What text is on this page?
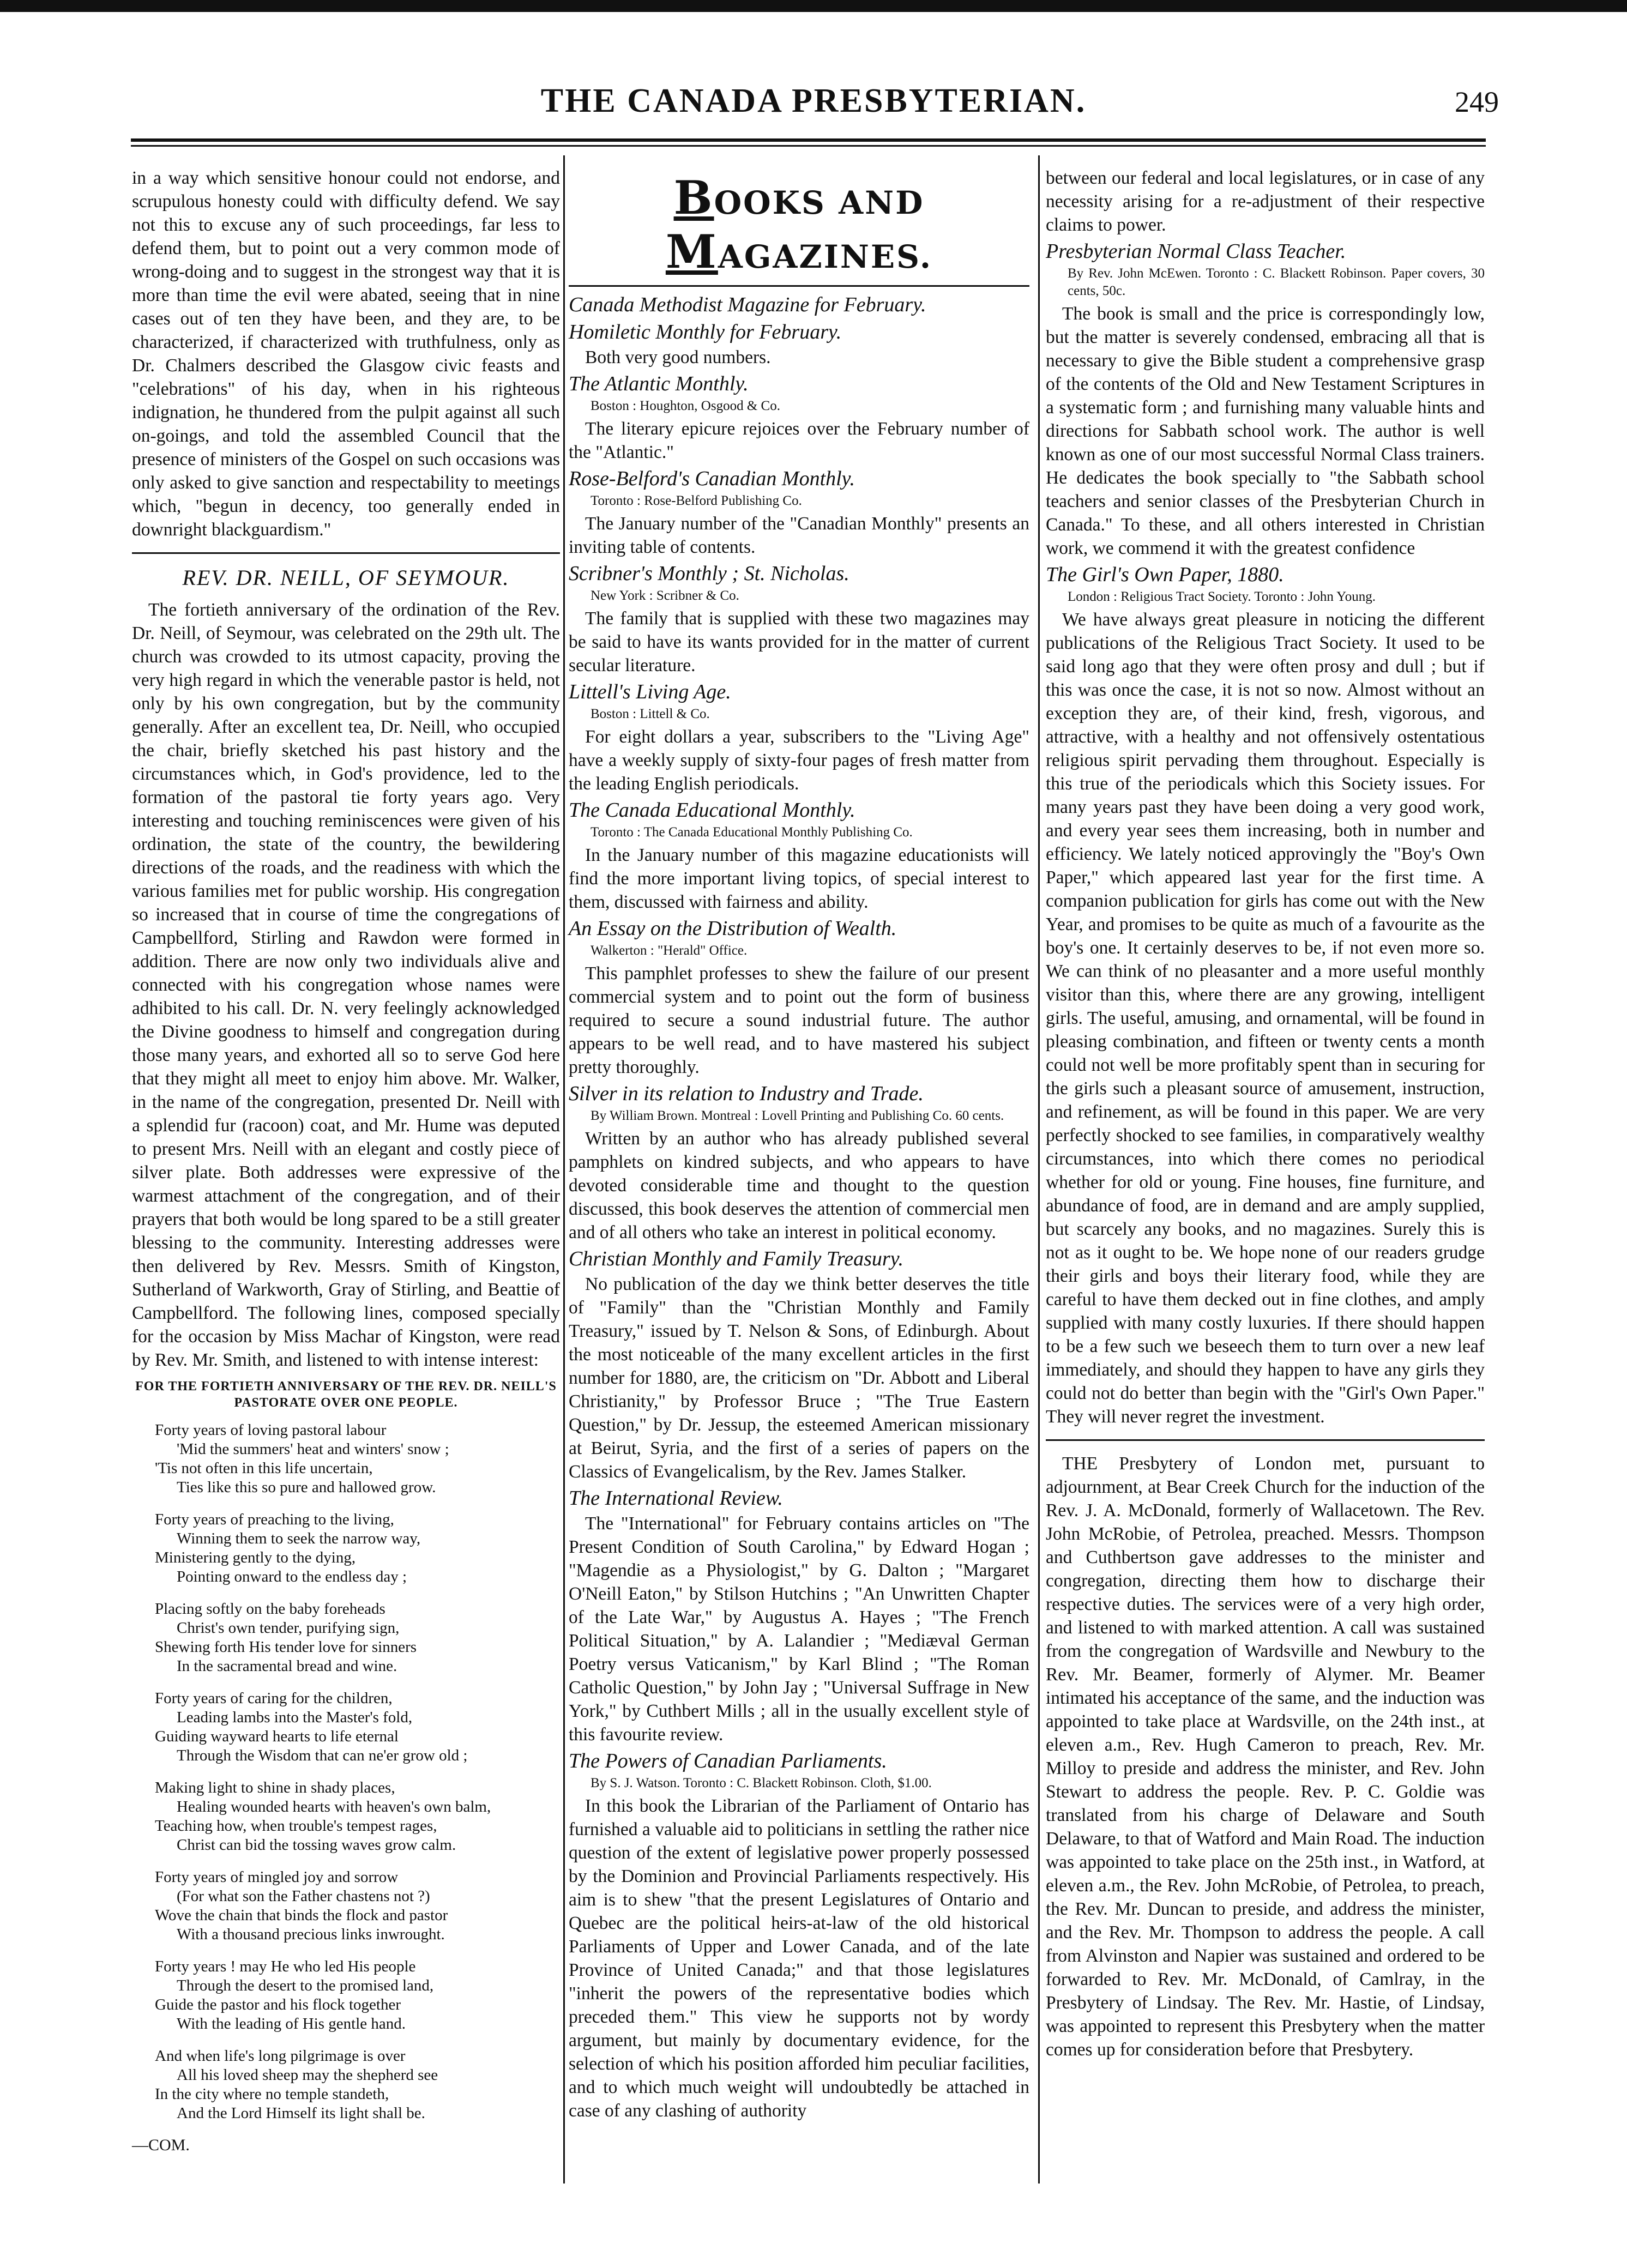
THE CANADA PRESBYTERIAN.	249

in a way which sensitive honour could not endorse, and scrupulous honesty could with difficulty defend. We say not this to excuse any of such proceedings, far less to defend them, but to point out a very common mode of wrong-doing and to suggest in the strongest way that it is more than time the evil were abated, seeing that in nine cases out of ten they have been, and they are, to be characterized, if characterized with truthfulness, only as Dr. Chalmers described the Glasgow civic feasts and "celebrations" of his day, when in his righteous indignation, he thundered from the pulpit against all such on-goings, and told the assembled Council that the presence of ministers of the Gospel on such occasions was only asked to give sanction and respectability to meetings which, "begun in decency, too generally ended in downright blackguardism."

REV. DR. NEILL, OF SEYMOUR.

The fortieth anniversary of the ordination of the Rev. Dr. Neill, of Seymour, was celebrated on the 29th ult. The church was crowded to its utmost capacity, proving the very high regard in which the venerable pastor is held, not only by his own congregation, but by the community generally. After an excellent tea, Dr. Neill, who occupied the chair, briefly sketched his past history and the circumstances which, in God's providence, led to the formation of the pastoral tie forty years ago. Very interesting and touching reminiscences were given of his ordination, the state of the country, the bewildering directions of the roads, and the readiness with which the various families met for public worship. His congregation so increased that in course of time the congregations of Campbellford, Stirling and Rawdon were formed in addition. There are now only two individuals alive and connected with his congregation whose names were adhibited to his call. Dr. N. very feelingly acknowledged the Divine goodness to himself and congregation during those many years, and exhorted all so to serve God here that they might all meet to enjoy him above. Mr. Walker, in the name of the congregation, presented Dr. Neill with a splendid fur (racoon) coat, and Mr. Hume was deputed to present Mrs. Neill with an elegant and costly piece of silver plate. Both addresses were expressive of the warmest attachment of the congregation, and of their prayers that both would be long spared to be a still greater blessing to the community. Interesting addresses were then delivered by Rev. Messrs. Smith of Kingston, Sutherland of Warkworth, Gray of Stirling, and Beattie of Campbellford. The following lines, composed specially for the occasion by Miss Machar of Kingston, were read by Rev. Mr. Smith, and listened to with intense interest:

FOR THE FORTIETH ANNIVERSARY OF THE REV. DR. NEILL'S PASTORATE OVER ONE PEOPLE.
Forty years of loving pastoral labour
'Mid the summers' heat and winters' snow ;
'Tis not often in this life uncertain,
Ties like this so pure and hallowed grow.
Forty years of preaching to the living,
Winning them to seek the narrow way,
Ministering gently to the dying,
Pointing onward to the endless day ;
Placing softly on the baby foreheads
Christ's own tender, purifying sign,
Shewing forth His tender love for sinners
In the sacramental bread and wine.
Forty years of caring for the children,
Leading lambs into the Master's fold,
Guiding wayward hearts to life eternal
Through the Wisdom that can ne'er grow old ;
Making light to shine in shady places,
Healing wounded hearts with heaven's own balm,
Teaching how, when trouble's tempest rages,
Christ can bid the tossing waves grow calm.
Forty years of mingled joy and sorrow
(For what son the Father chastens not ?)
Wove the chain that binds the flock and pastor
With a thousand precious links inwrought.
Forty years ! may He who led His people
Through the desert to the promised land,
Guide the pastor and his flock together
With the leading of His gentle hand.
And when life's long pilgrimage is over
All his loved sheep may the shepherd see
In the city where no temple standeth,
And the Lord Himself its light shall be.
—COM.
BOOKS AND MAGAZINES.
Canada Methodist Magazine for February.
Homiletic Monthly for February.

Both very good numbers.

The Atlantic Monthly.

Boston : Houghton, Osgood & Co.

The literary epicure rejoices over the February number of the "Atlantic."

Rose-Belford's Canadian Monthly.

Toronto : Rose-Belford Publishing Co.

The January number of the "Canadian Monthly" presents an inviting table of contents.

Scribner's Monthly ; St. Nicholas.

New York : Scribner & Co.

The family that is supplied with these two magazines may be said to have its wants provided for in the matter of current secular literature.

Littell's Living Age.

Boston : Littell & Co.

For eight dollars a year, subscribers to the "Living Age" have a weekly supply of sixty-four pages of fresh matter from the leading English periodicals.

The Canada Educational Monthly.

Toronto : The Canada Educational Monthly Publishing Co.

In the January number of this magazine educationists will find the more important living topics, of special interest to them, discussed with fairness and ability.

An Essay on the Distribution of Wealth.

Walkerton : "Herald" Office.

This pamphlet professes to shew the failure of our present commercial system and to point out the form of business required to secure a sound industrial future. The author appears to be well read, and to have mastered his subject pretty thoroughly.

Silver in its relation to Industry and Trade.

By William Brown. Montreal : Lovell Printing and Publishing Co. 60 cents.

Written by an author who has already published several pamphlets on kindred subjects, and who appears to have devoted considerable time and thought to the question discussed, this book deserves the attention of commercial men and of all others who take an interest in political economy.

Christian Monthly and Family Treasury.

No publication of the day we think better deserves the title of "Family" than the "Christian Monthly and Family Treasury," issued by T. Nelson & Sons, of Edinburgh. About the most noticeable of the many excellent articles in the first number for 1880, are, the criticism on "Dr. Abbott and Liberal Christianity," by Professor Bruce ; "The True Eastern Question," by Dr. Jessup, the esteemed American missionary at Beirut, Syria, and the first of a series of papers on the Classics of Evangelicalism, by the Rev. James Stalker.

The International Review.

The "International" for February contains articles on "The Present Condition of South Carolina," by Edward Hogan ; "Magendie as a Physiologist," by G. Dalton ; "Margaret O'Neill Eaton," by Stilson Hutchins ; "An Unwritten Chapter of the Late War," by Augustus A. Hayes ; "The French Political Situation," by A. Lalandier ; "Mediæval German Poetry versus Vaticanism," by Karl Blind ; "The Roman Catholic Question," by John Jay ; "Universal Suffrage in New York," by Cuthbert Mills ; all in the usually excellent style of this favourite review.

The Powers of Canadian Parliaments.

By S. J. Watson. Toronto : C. Blackett Robinson. Cloth, $1.00.

In this book the Librarian of the Parliament of Ontario has furnished a valuable aid to politicians in settling the rather nice question of the extent of legislative power properly possessed by the Dominion and Provincial Parliaments respectively. His aim is to shew "that the present Legislatures of Ontario and Quebec are the political heirs-at-law of the old historical Parliaments of Upper and Lower Canada, and of the late Province of United Canada;" and that those legislatures "inherit the powers of the representative bodies which preceded them." This view he supports not by wordy argument, but mainly by documentary evidence, for the selection of which his position afforded him peculiar facilities, and to which much weight will undoubtedly be attached in case of any clashing of authority

between our federal and local legislatures, or in case of any necessity arising for a re-adjustment of their respective claims to power.

Presbyterian Normal Class Teacher.

By Rev. John McEwen. Toronto : C. Blackett Robinson. Paper covers, 30 cents, 50c.

The book is small and the price is correspondingly low, but the matter is severely condensed, embracing all that is necessary to give the Bible student a comprehensive grasp of the contents of the Old and New Testament Scriptures in a systematic form ; and furnishing many valuable hints and directions for Sabbath school work. The author is well known as one of our most successful Normal Class trainers. He dedicates the book specially to "the Sabbath school teachers and senior classes of the Presbyterian Church in Canada." To these, and all others interested in Christian work, we commend it with the greatest confidence

The Girl's Own Paper, 1880.

London : Religious Tract Society. Toronto : John Young.

We have always great pleasure in noticing the different publications of the Religious Tract Society. It used to be said long ago that they were often prosy and dull ; but if this was once the case, it is not so now. Almost without an exception they are, of their kind, fresh, vigorous, and attractive, with a healthy and not offensively ostentatious religious spirit pervading them throughout. Especially is this true of the periodicals which this Society issues. For many years past they have been doing a very good work, and every year sees them increasing, both in number and efficiency. We lately noticed approvingly the "Boy's Own Paper," which appeared last year for the first time. A companion publication for girls has come out with the New Year, and promises to be quite as much of a favourite as the boy's one. It certainly deserves to be, if not even more so. We can think of no pleasanter and a more useful monthly visitor than this, where there are any growing, intelligent girls. The useful, amusing, and ornamental, will be found in pleasing combination, and fifteen or twenty cents a month could not well be more profitably spent than in securing for the girls such a pleasant source of amusement, instruction, and refinement, as will be found in this paper. We are very perfectly shocked to see families, in comparatively wealthy circumstances, into which there comes no periodical whether for old or young. Fine houses, fine furniture, and abundance of food, are in demand and are amply supplied, but scarcely any books, and no magazines. Surely this is not as it ought to be. We hope none of our readers grudge their girls and boys their literary food, while they are careful to have them decked out in fine clothes, and amply supplied with many costly luxuries. If there should happen to be a few such we beseech them to turn over a new leaf immediately, and should they happen to have any girls they could not do better than begin with the "Girl's Own Paper." They will never regret the investment.

THE Presbytery of London met, pursuant to adjournment, at Bear Creek Church for the induction of the Rev. J. A. McDonald, formerly of Wallacetown. The Rev. John McRobie, of Petrolea, preached. Messrs. Thompson and Cuthbertson gave addresses to the minister and congregation, directing them how to discharge their respective duties. The services were of a very high order, and listened to with marked attention. A call was sustained from the congregation of Wardsville and Newbury to the Rev. Mr. Beamer, formerly of Alymer. Mr. Beamer intimated his acceptance of the same, and the induction was appointed to take place at Wardsville, on the 24th inst., at eleven a.m., Rev. Hugh Cameron to preach, Rev. Mr. Milloy to preside and address the minister, and Rev. John Stewart to address the people. Rev. P. C. Goldie was translated from his charge of Delaware and South Delaware, to that of Watford and Main Road. The induction was appointed to take place on the 25th inst., in Watford, at eleven a.m., the Rev. John McRobie, of Petrolea, to preach, the Rev. Mr. Duncan to preside, and address the minister, and the Rev. Mr. Thompson to address the people. A call from Alvinston and Napier was sustained and ordered to be forwarded to Rev. Mr. McDonald, of Camlray, in the Presbytery of Lindsay. The Rev. Mr. Hastie, of Lindsay, was appointed to represent this Presbytery when the matter comes up for consideration before that Presbytery.
